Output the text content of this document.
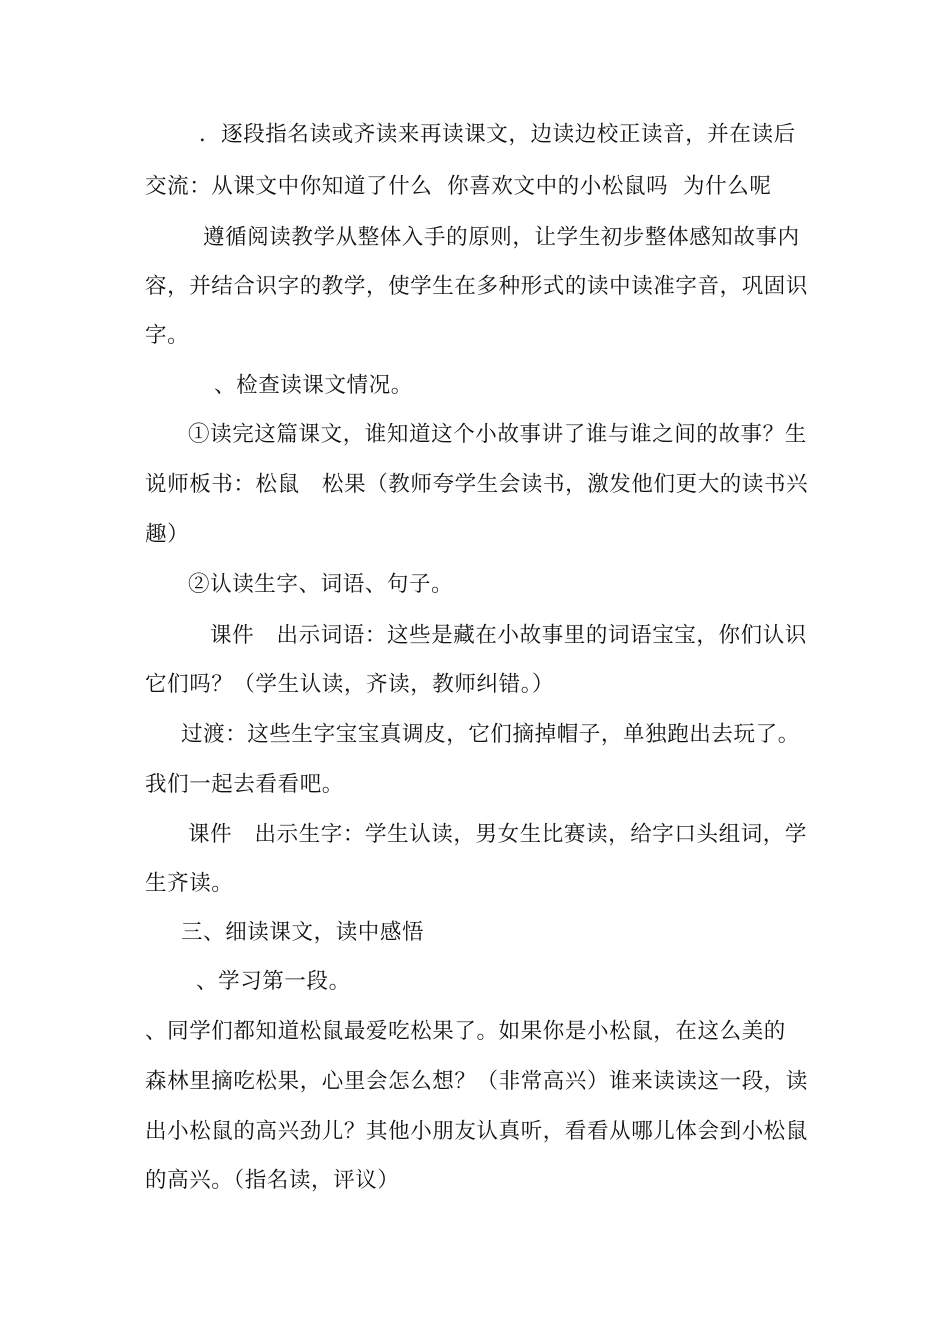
．逐段指名读或齐读来再读课文，边读边校正读音，并在读后
交流：从课文中你知道了什么  你喜欢文中的小松鼠吗  为什么呢
遵循阅读教学从整体入手的原则，让学生初步整体感知故事内
容，并结合识字的教学，使学生在多种形式的读中读准字音，巩固识
字。
、检查读课文情况。
①读完这篇课文，谁知道这个小故事讲了谁与谁之间的故事？生
说师板书：松鼠   松果（教师夸学生会读书，激发他们更大的读书兴
趣）
②认读生字、词语、句子。
课件   出示词语：这些是藏在小故事里的词语宝宝，你们认识
它们吗？（学生认读，齐读，教师纠错。）
过渡：这些生字宝宝真调皮，它们摘掉帽子，单独跑出去玩了。
我们一起去看看吧。
课件   出示生字：学生认读，男女生比赛读，给字口头组词，学
生齐读。
三、细读课文，读中感悟
、学习第一段。
、同学们都知道松鼠最爱吃松果了。如果你是小松鼠，在这么美的
森林里摘吃松果，心里会怎么想？（非常高兴）谁来读读这一段，读
出小松鼠的高兴劲儿？其他小朋友认真听，看看从哪儿体会到小松鼠
的高兴。（指名读，评议）
